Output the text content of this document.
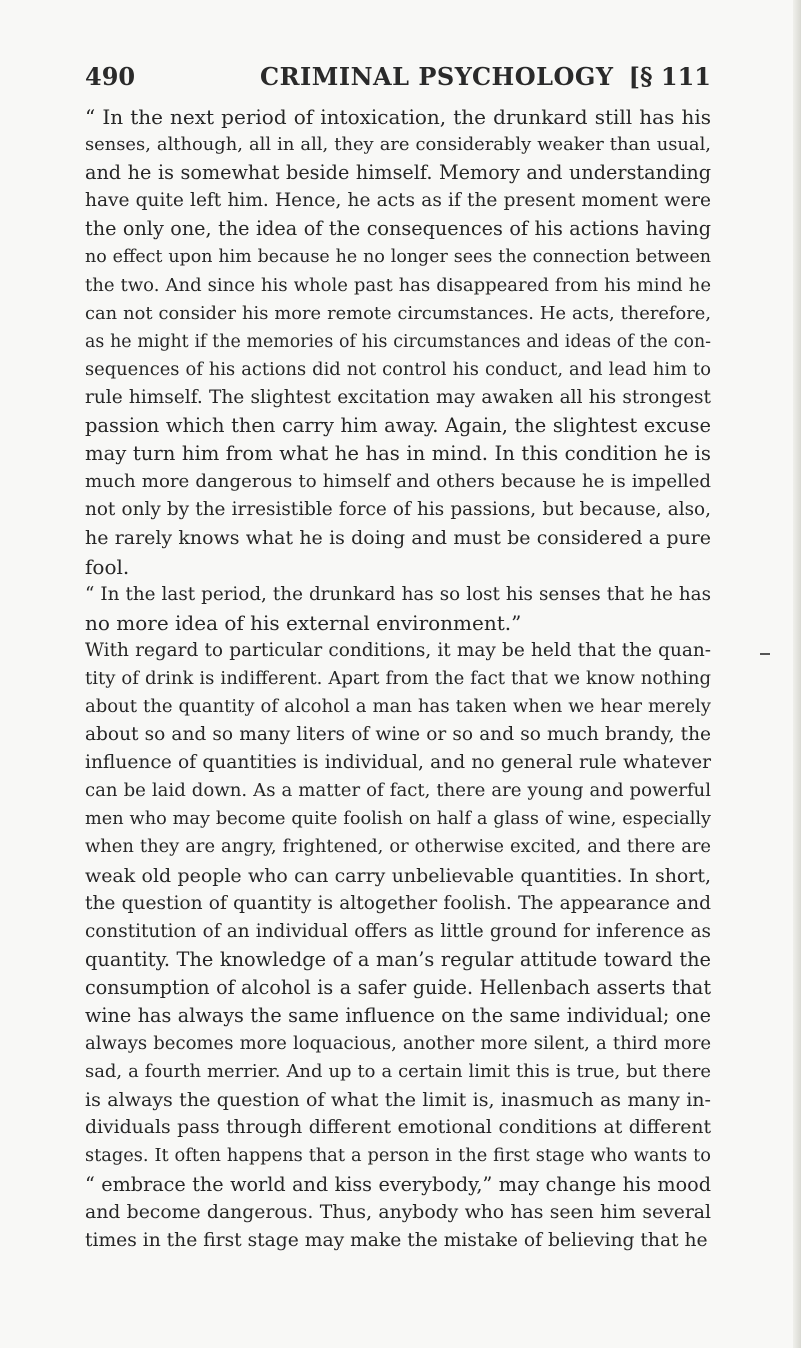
490	CRIMINAL PSYCHOLOGY [§ 111
“ In the next period of intoxication, the drunkard still has his
senses, although, all in all, they are considerably weaker than usual,
and he is somewhat beside himself. Memory and understanding
have quite left him. Hence, he acts as if the present moment were
the only one, the idea of the consequences of his actions having
no effect upon him because he no longer sees the connection between
the two. And since his whole past has disappeared from his mind he
can not consider his more remote circumstances. He acts, therefore,
as he might if the memories of his circumstances and ideas of the con-
sequences of his actions did not control his conduct, and lead him to
rule himself. The slightest excitation may awaken all his strongest
passion which then carry him away. Again, the slightest excuse
may turn him from what he has in mind. In this condition he is
much more dangerous to himself and others because he is impelled
not only by the irresistible force of his passions, but because, also,
he rarely knows what he is doing and must be considered a pure
fool.
“ In the last period, the drunkard has so lost his senses that he has
no more idea of his external environment.”
With regard to particular conditions, it may be held that the quan-
tity of drink is indifferent. Apart from the fact that we know nothing
about the quantity of alcohol a man has taken when we hear merely
about so and so many liters of wine or so and so much brandy, the
influence of quantities is individual, and no general rule whatever
can be laid down. As a matter of fact, there are young and powerful
men who may become quite foolish on half a glass of wine, especially
when they are angry, frightened, or otherwise excited, and there are
weak old people who can carry unbelievable quantities. In short,
the question of quantity is altogether foolish. The appearance and
constitution of an individual offers as little ground for inference as
quantity. The knowledge of a man’s regular attitude toward the
consumption of alcohol is a safer guide. Hellenbach asserts that
wine has always the same influence on the same individual; one
always becomes more loquacious, another more silent, a third more
sad, a fourth merrier. And up to a certain limit this is true, but there
is always the question of what the limit is, inasmuch as many in-
dividuals pass through different emotional conditions at different
stages. It often happens that a person in the first stage who wants to
“ embrace the world and kiss everybody,” may change his mood
and become dangerous. Thus, anybody who has seen him several
times in the first stage may make the mistake of believing that he
